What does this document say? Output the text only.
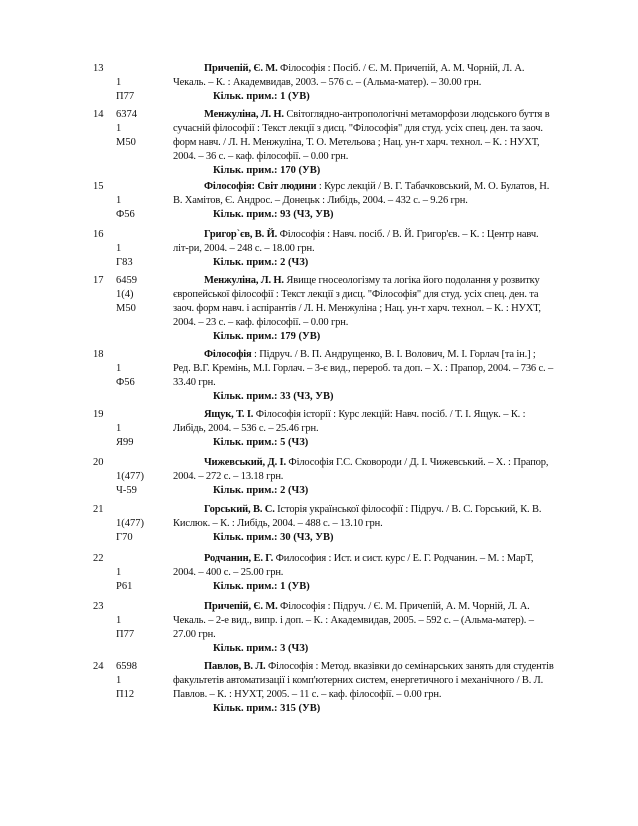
13
1
П77
Причепій, Є. М. Філософія : Посіб. / Є. М. Причепій, А. М. Чорній, Л. А. Чекаль. – К. : Академвидав, 2003. – 576 с. – (Альма-матер). – 30.00 грн.
Кільк. прим.: 1 (УВ)
14 6374
1
М50
Менжуліна, Л. Н. Світоглядно-антропологічні метаморфози людського буття в сучасній філософії : Текст лекції з дисц. "Філософія" для студ. усіх спец. ден. та заоч. форм навч. / Л. Н. Менжуліна, Т. О. Метельова ; Нац. ун-т харч. технол. – К. : НУХТ, 2004. – 36 с. – каф. філософії. – 0.00 грн.
Кільк. прим.: 170 (УВ)
15
1
Ф56
Філософія: Світ людини : Курс лекцій / В. Г. Табачковський, М. О. Булатов, Н. В. Хамітов, Є. Андрос. – Донецьк : Либідь, 2004. – 432 с. – 9.26 грн.
Кільк. прим.: 93 (ЧЗ, УВ)
16
1
Г83
Григор`єв, В. Й. Філософія : Навч. посіб. / В. Й. Григор'єв. – К. : Центр навч. літ-ри, 2004. – 248 с. – 18.00 грн.
Кільк. прим.: 2 (ЧЗ)
17 6459
1(4)
М50
Менжуліна, Л. Н. Явище гносеологізму та логіка його подолання у розвитку європейської філософії : Текст лекції з дисц. "Філософія" для студ. усіх спец. ден. та заоч. форм навч. і аспірантів / Л. Н. Менжуліна ; Нац. ун-т харч. технол. – К. : НУХТ, 2004. – 23 с. – каф. філософії. – 0.00 грн.
Кільк. прим.: 179 (УВ)
18
1
Ф56
Філософія : Підруч. / В. П. Андрущенко, В. І. Волович, М. І. Горлач [та ін.] ; Ред. В.Г. Кремінь, М.І. Горлач. – 3-є вид., перероб. та доп. – Х. : Прапор, 2004. – 736 с. – 33.40 грн.
Кільк. прим.: 33 (ЧЗ, УВ)
19
1
Я99
Ящук, Т. І. Філософія історії : Курс лекцій: Навч. посіб. / Т. І. Ящук. – К. : Либідь, 2004. – 536 с. – 25.46 грн.
Кільк. прим.: 5 (ЧЗ)
20
1(477)
Ч-59
Чижевський, Д. І. Філософія Г.С. Сковороди / Д. І. Чижевський. – Х. : Прапор, 2004. – 272 с. – 13.18 грн.
Кільк. прим.: 2 (ЧЗ)
21
1(477)
Г70
Горський, В. С. Історія української філософії : Підруч. / В. С. Горський, К. В. Кислюк. – К. : Либідь, 2004. – 488 с. – 13.10 грн.
Кільк. прим.: 30 (ЧЗ, УВ)
22
1
Р61
Родчанин, Е. Г. Философия : Ист. и сист. курс / Е. Г. Родчанин. – М. : МарТ, 2004. – 400 с. – 25.00 грн.
Кільк. прим.: 1 (УВ)
23
1
П77
Причепій, Є. М. Філософія : Підруч. / Є. М. Причепій, А. М. Чорній, Л. А. Чекаль. – 2-е вид., випр. і доп. – К. : Академвидав, 2005. – 592 с. – (Альма-матер). – 27.00 грн.
Кільк. прим.: 3 (ЧЗ)
24 6598
1
П12
Павлов, В. Л. Філософія : Метод. вказівки до семінарських занять для студентів факультетів автоматизації і комп'ютерних систем, енергетичного і механічного / В. Л. Павлов. – К. : НУХТ, 2005. – 11 с. – каф. філософії. – 0.00 грн.
Кільк. прим.: 315 (УВ)
